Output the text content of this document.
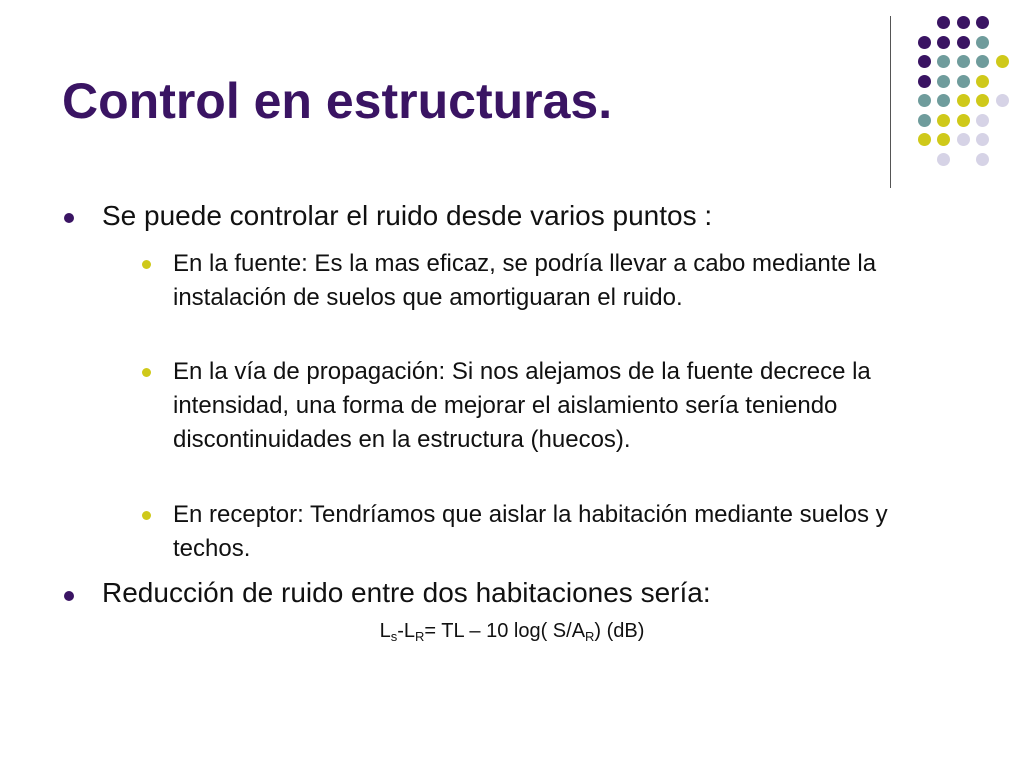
Control en estructuras.
Se puede controlar el ruido desde varios puntos :
En la fuente: Es la mas eficaz, se podría llevar a cabo mediante la instalación de suelos que amortiguaran el ruido.
En la vía de propagación: Si nos alejamos de la fuente decrece la intensidad, una forma de mejorar el aislamiento sería teniendo discontinuidades en la estructura (huecos).
En receptor: Tendríamos que aislar la habitación mediante suelos y techos.
Reducción de ruido entre dos habitaciones sería:
$L_s-L_R=$ TL – 10 log( $S/A_R$) (dB)
